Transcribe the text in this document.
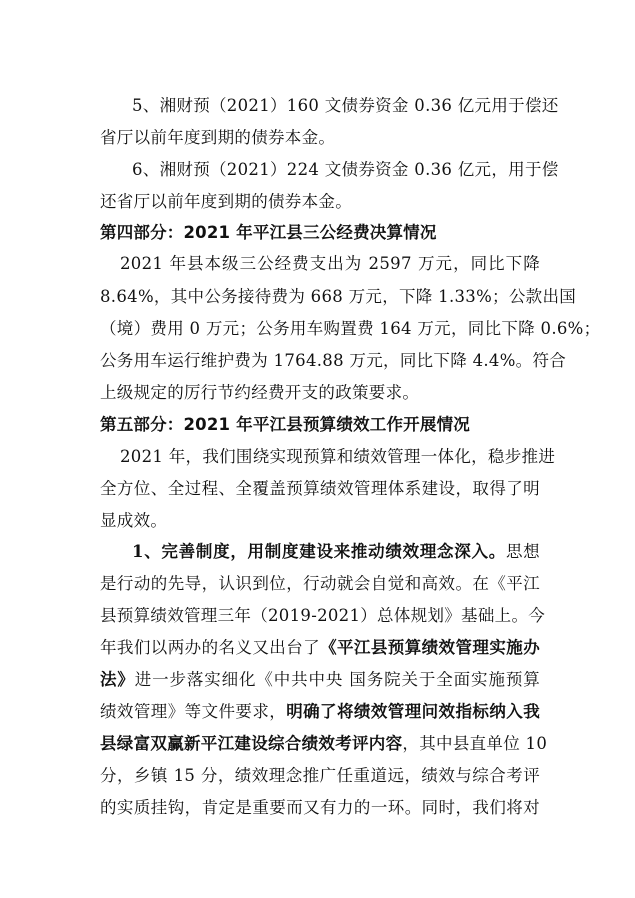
5、湘财预（2021）160 文债券资金 0.36 亿元用于偿还
省厅以前年度到期的债券本金。
6、湘财预（2021）224 文债券资金 0.36 亿元，用于偿
还省厅以前年度到期的债券本金。
第四部分：2021 年平江县三公经费决算情况
2021 年县本级三公经费支出为 2597 万元，同比下降
8.64%，其中公务接待费为 668 万元，下降 1.33%；公款出国
（境）费用 0 万元；公务用车购置费 164 万元，同比下降 0.6%；
公务用车运行维护费为 1764.88 万元，同比下降 4.4%。符合
上级规定的厉行节约经费开支的政策要求。
第五部分：2021 年平江县预算绩效工作开展情况
2021 年，我们围绕实现预算和绩效管理一体化，稳步推进
全方位、全过程、全覆盖预算绩效管理体系建设，取得了明
显成效。
1、完善制度，用制度建设来推动绩效理念深入。思想
是行动的先导，认识到位，行动就会自觉和高效。在《平江
县预算绩效管理三年（2019-2021）总体规划》基础上。今
年我们以两办的名义又出台了《平江县预算绩效管理实施办
法》进一步落实细化《中共中央 国务院关于全面实施预算
绩效管理》等文件要求，明确了将绩效管理问效指标纳入我
县绿富双赢新平江建设综合绩效考评内容，其中县直单位 10
分，乡镇 15 分，绩效理念推广任重道远，绩效与综合考评
的实质挂钩，肯定是重要而又有力的一环。同时，我们将对
